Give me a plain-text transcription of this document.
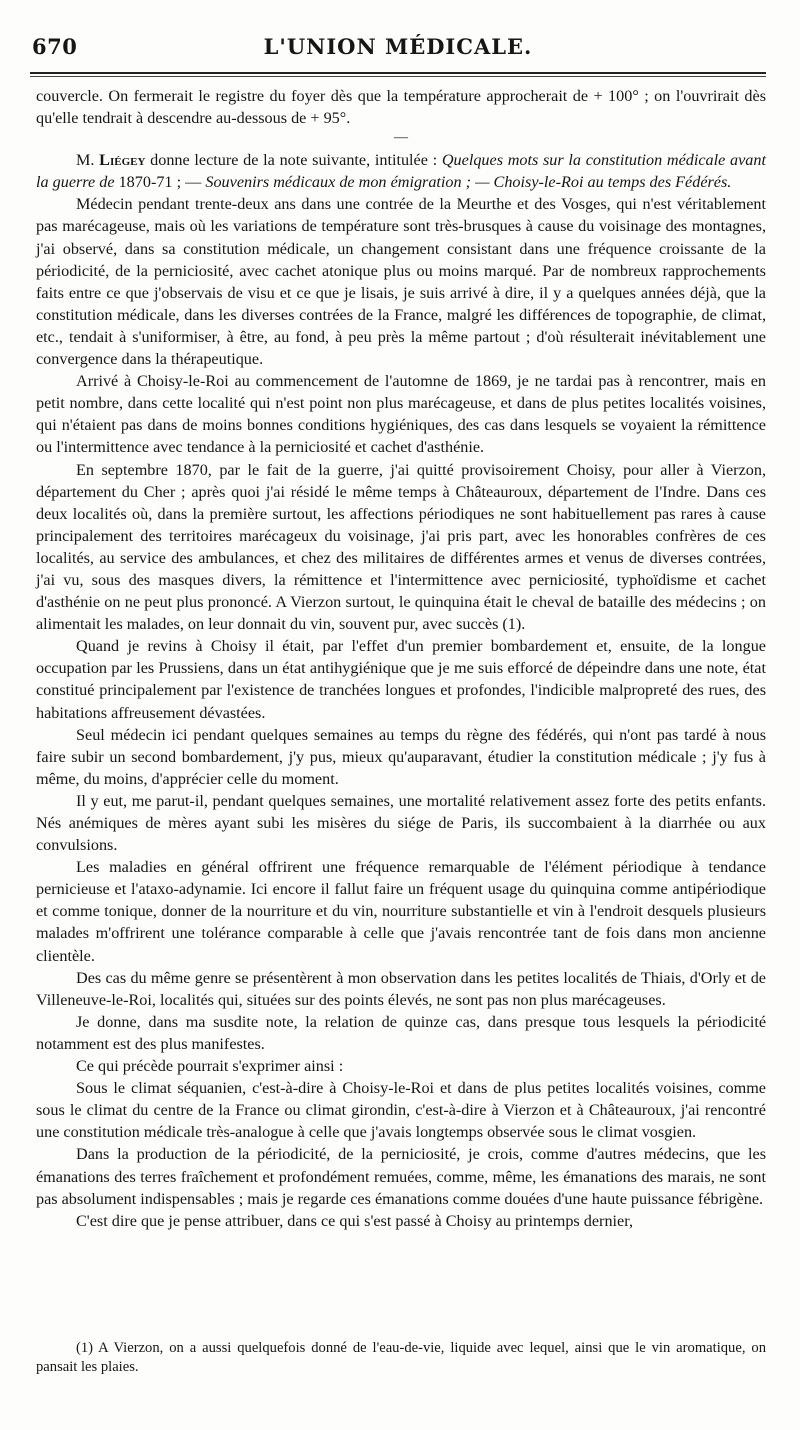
670	L'UNION MÉDICALE.

couvercle. On fermerait le registre du foyer dès que la température approcherait de + 100° ; on l'ouvrirait dès qu'elle tendrait à descendre au-dessous de + 95°.

—

M. Liégey donne lecture de la note suivante, intitulée : Quelques mots sur la constitution médicale avant la guerre de 1870-71 ; — Souvenirs médicaux de mon émigration ; — Choisy-le-Roi au temps des Fédérés.

Médecin pendant trente-deux ans dans une contrée de la Meurthe et des Vosges, qui n'est véritablement pas marécageuse, mais où les variations de température sont très-brusques à cause du voisinage des montagnes, j'ai observé, dans sa constitution médicale, un changement consistant dans une fréquence croissante de la périodicité, de la perniciosité, avec cachet atonique plus ou moins marqué. Par de nombreux rapprochements faits entre ce que j'observais de visu et ce que je lisais, je suis arrivé à dire, il y a quelques années déjà, que la constitution médicale, dans les diverses contrées de la France, malgré les différences de topographie, de climat, etc., tendait à s'uniformiser, à être, au fond, à peu près la même partout ; d'où résulterait inévitablement une convergence dans la thérapeutique.

Arrivé à Choisy-le-Roi au commencement de l'automne de 1869, je ne tardai pas à rencontrer, mais en petit nombre, dans cette localité qui n'est point non plus marécageuse, et dans de plus petites localités voisines, qui n'étaient pas dans de moins bonnes conditions hygiéniques, des cas dans lesquels se voyaient la rémittence ou l'intermittence avec tendance à la perniciosité et cachet d'asthénie.

En septembre 1870, par le fait de la guerre, j'ai quitté provisoirement Choisy, pour aller à Vierzon, département du Cher ; après quoi j'ai résidé le même temps à Châteauroux, département de l'Indre. Dans ces deux localités où, dans la première surtout, les affections périodiques ne sont habituellement pas rares à cause principalement des territoires marécageux du voisinage, j'ai pris part, avec les honorables confrères de ces localités, au service des ambulances, et chez des militaires de différentes armes et venus de diverses contrées, j'ai vu, sous des masques divers, la rémittence et l'intermittence avec perniciosité, typhoïdisme et cachet d'asthénie on ne peut plus prononcé. A Vierzon surtout, le quinquina était le cheval de bataille des médecins ; on alimentait les malades, on leur donnait du vin, souvent pur, avec succès (1).

Quand je revins à Choisy il était, par l'effet d'un premier bombardement et, ensuite, de la longue occupation par les Prussiens, dans un état antihygiénique que je me suis efforcé de dépeindre dans une note, état constitué principalement par l'existence de tranchées longues et profondes, l'indicible malpropreté des rues, des habitations affreusement dévastées.

Seul médecin ici pendant quelques semaines au temps du règne des fédérés, qui n'ont pas tardé à nous faire subir un second bombardement, j'y pus, mieux qu'auparavant, étudier la constitution médicale ; j'y fus à même, du moins, d'apprécier celle du moment.

Il y eut, me parut-il, pendant quelques semaines, une mortalité relativement assez forte des petits enfants. Nés anémiques de mères ayant subi les misères du siége de Paris, ils succombaient à la diarrhée ou aux convulsions.

Les maladies en général offrirent une fréquence remarquable de l'élément périodique à tendance pernicieuse et l'ataxo-adynamie. Ici encore il fallut faire un fréquent usage du quinquina comme antipériodique et comme tonique, donner de la nourriture et du vin, nourriture substantielle et vin à l'endroit desquels plusieurs malades m'offrirent une tolérance comparable à celle que j'avais rencontrée tant de fois dans mon ancienne clientèle.

Des cas du même genre se présentèrent à mon observation dans les petites localités de Thiais, d'Orly et de Villeneuve-le-Roi, localités qui, situées sur des points élevés, ne sont pas non plus marécageuses.

Je donne, dans ma susdite note, la relation de quinze cas, dans presque tous lesquels la périodicité notamment est des plus manifestes.

Ce qui précède pourrait s'exprimer ainsi :

Sous le climat séquanien, c'est-à-dire à Choisy-le-Roi et dans de plus petites localités voisines, comme sous le climat du centre de la France ou climat girondin, c'est-à-dire à Vierzon et à Châteauroux, j'ai rencontré une constitution médicale très-analogue à celle que j'avais longtemps observée sous le climat vosgien.

Dans la production de la périodicité, de la perniciosité, je crois, comme d'autres médecins, que les émanations des terres fraîchement et profondément remuées, comme, même, les émanations des marais, ne sont pas absolument indispensables ; mais je regarde ces émanations comme douées d'une haute puissance fébrigène.

C'est dire que je pense attribuer, dans ce qui s'est passé à Choisy au printemps dernier,

(1) A Vierzon, on a aussi quelquefois donné de l'eau-de-vie, liquide avec lequel, ainsi que le vin aromatique, on pansait les plaies.
